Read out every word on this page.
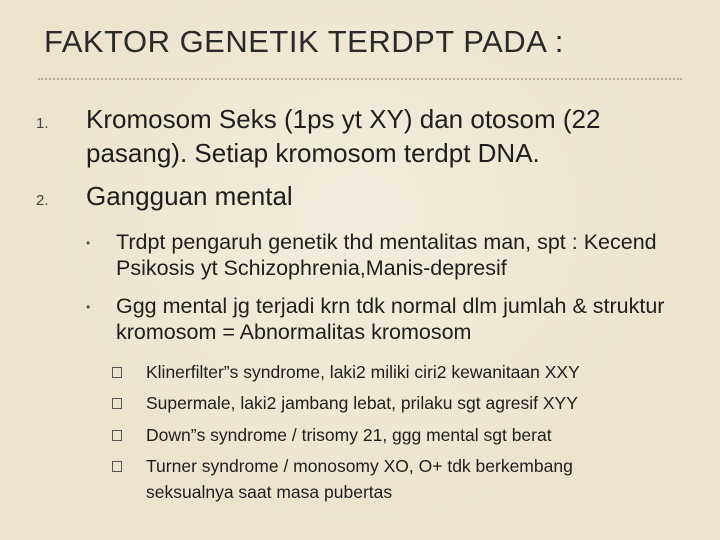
FAKTOR GENETIK TERDPT PADA :
1. Kromosom Seks (1ps yt XY) dan otosom (22 pasang). Setiap kromosom terdpt DNA.
2. Gangguan mental
• Trdpt pengaruh genetik thd mentalitas man, spt : Kecend Psikosis yt Schizophrenia,Manis-depresif
• Ggg mental jg terjadi krn tdk normal dlm jumlah & struktur kromosom = Abnormalitas kromosom
Klinerfilter”s syndrome, laki2 miliki ciri2 kewanitaan XXY
Supermale, laki2 jambang lebat, prilaku sgt agresif XYY
Down”s syndrome / trisomy 21, ggg mental sgt berat
Turner syndrome / monosomy XO, O+ tdk berkembang
seksualnya saat masa pubertas
